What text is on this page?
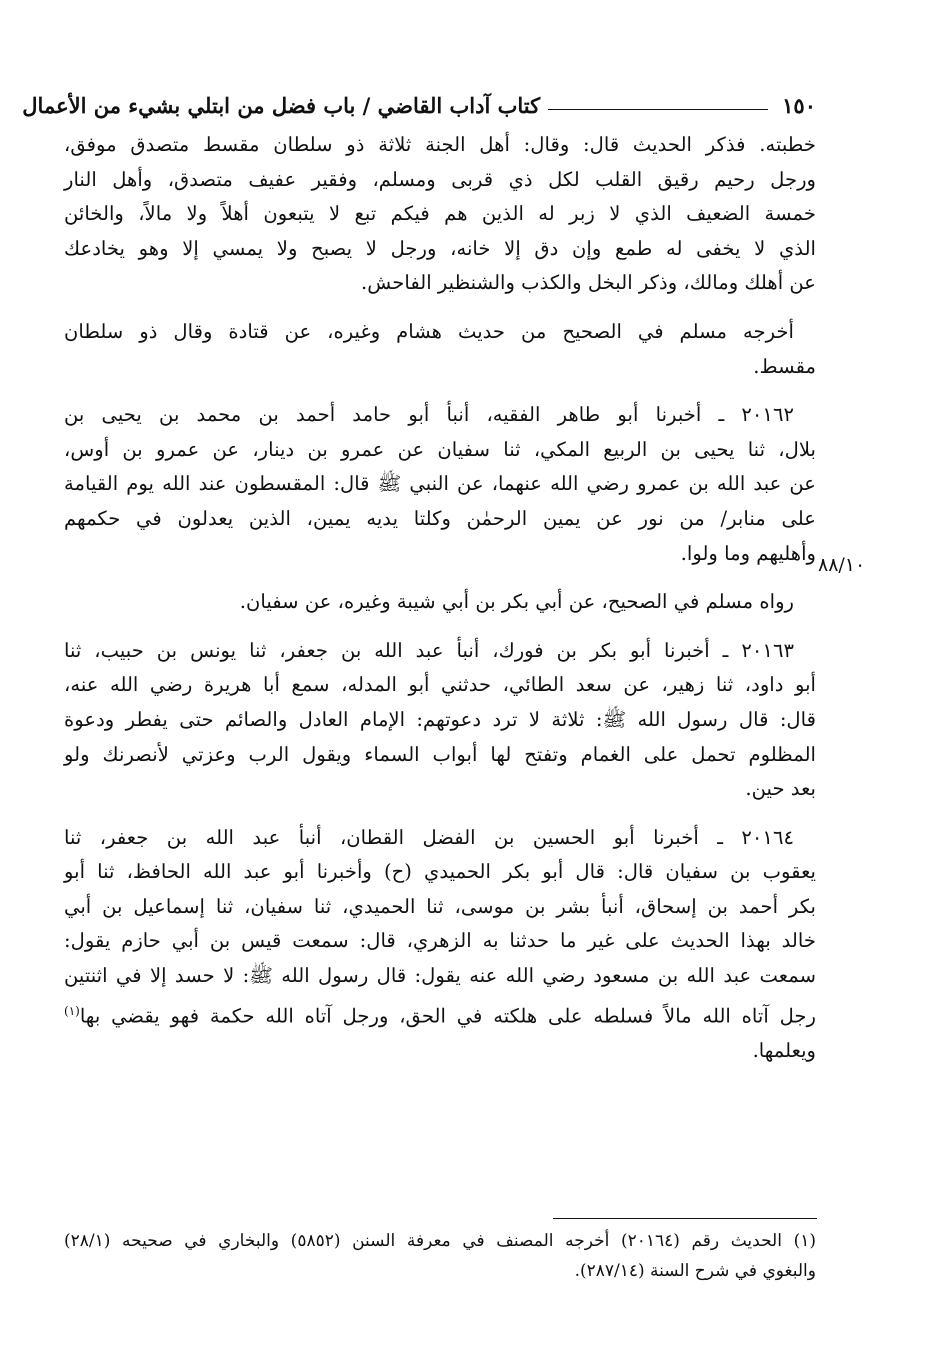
١٥٠
كتاب آداب القاضي / باب فضل من ابتلي بشيء من الأعمال
٨٨/١٠
خطبته. فذكر الحديث قال: وقال: أهل الجنة ثلاثة ذو سلطان مقسط متصدق موفق،
ورجل رحيم رقيق القلب لكل ذي قربى ومسلم، وفقير عفيف متصدق، وأهل النار
خمسة الضعيف الذي لا زبر له الذين هم فيكم تبع لا يتبعون أهلاً ولا مالاً، والخائن
الذي لا يخفى له طمع وإن دق إلا خانه، ورجل لا يصبح ولا يمسي إلا وهو يخادعك
عن أهلك ومالك، وذكر البخل والكذب والشنظير الفاحش.
أخرجه مسلم في الصحيح من حديث هشام وغيره، عن قتادة وقال ذو سلطان
مقسط.
٢٠١٦٢ ـ أخبرنا أبو طاهر الفقيه، أنبأ أبو حامد أحمد بن محمد بن يحيى بن
بلال، ثنا يحيى بن الربيع المكي، ثنا سفيان عن عمرو بن دينار، عن عمرو بن أوس،
عن عبد الله بن عمرو رضي الله عنهما، عن النبي ﷺ قال: المقسطون عند الله يوم القيامة
على منابر/ من نور عن يمين الرحمٰن وكلتا يديه يمين، الذين يعدلون في حكمهم
وأهليهم وما ولوا.
رواه مسلم في الصحيح، عن أبي بكر بن أبي شيبة وغيره، عن سفيان.
٢٠١٦٣ ـ أخبرنا أبو بكر بن فورك، أنبأ عبد الله بن جعفر، ثنا يونس بن حبيب، ثنا
أبو داود، ثنا زهير، عن سعد الطائي، حدثني أبو المدله، سمع أبا هريرة رضي الله عنه،
قال: قال رسول الله ﷺ: ثلاثة لا ترد دعوتهم: الإمام العادل والصائم حتى يفطر ودعوة
المظلوم تحمل على الغمام وتفتح لها أبواب السماء ويقول الرب وعزتي لأنصرنك ولو
بعد حين.
٢٠١٦٤ ـ أخبرنا أبو الحسين بن الفضل القطان، أنبأ عبد الله بن جعفر، ثنا
يعقوب بن سفيان قال: قال أبو بكر الحميدي (ح) وأخبرنا أبو عبد الله الحافظ، ثنا أبو
بكر أحمد بن إسحاق، أنبأ بشر بن موسى، ثنا الحميدي، ثنا سفيان، ثنا إسماعيل بن أبي
خالد بهذا الحديث على غير ما حدثنا به الزهري، قال: سمعت قيس بن أبي حازم يقول:
سمعت عبد الله بن مسعود رضي الله عنه يقول: قال رسول الله ﷺ: لا حسد إلا في اثنتين
رجل آتاه الله مالاً فسلطه على هلكته في الحق، ورجل آتاه الله حكمة فهو يقضي بها$^{(١)}$
ويعلمها.
(١) الحديث رقم (٢٠١٦٤) أخرجه المصنف في معرفة السنن (٥٨٥٢) والبخاري في صحيحه (٢٨/١)
والبغوي في شرح السنة (٢٨٧/١٤).
